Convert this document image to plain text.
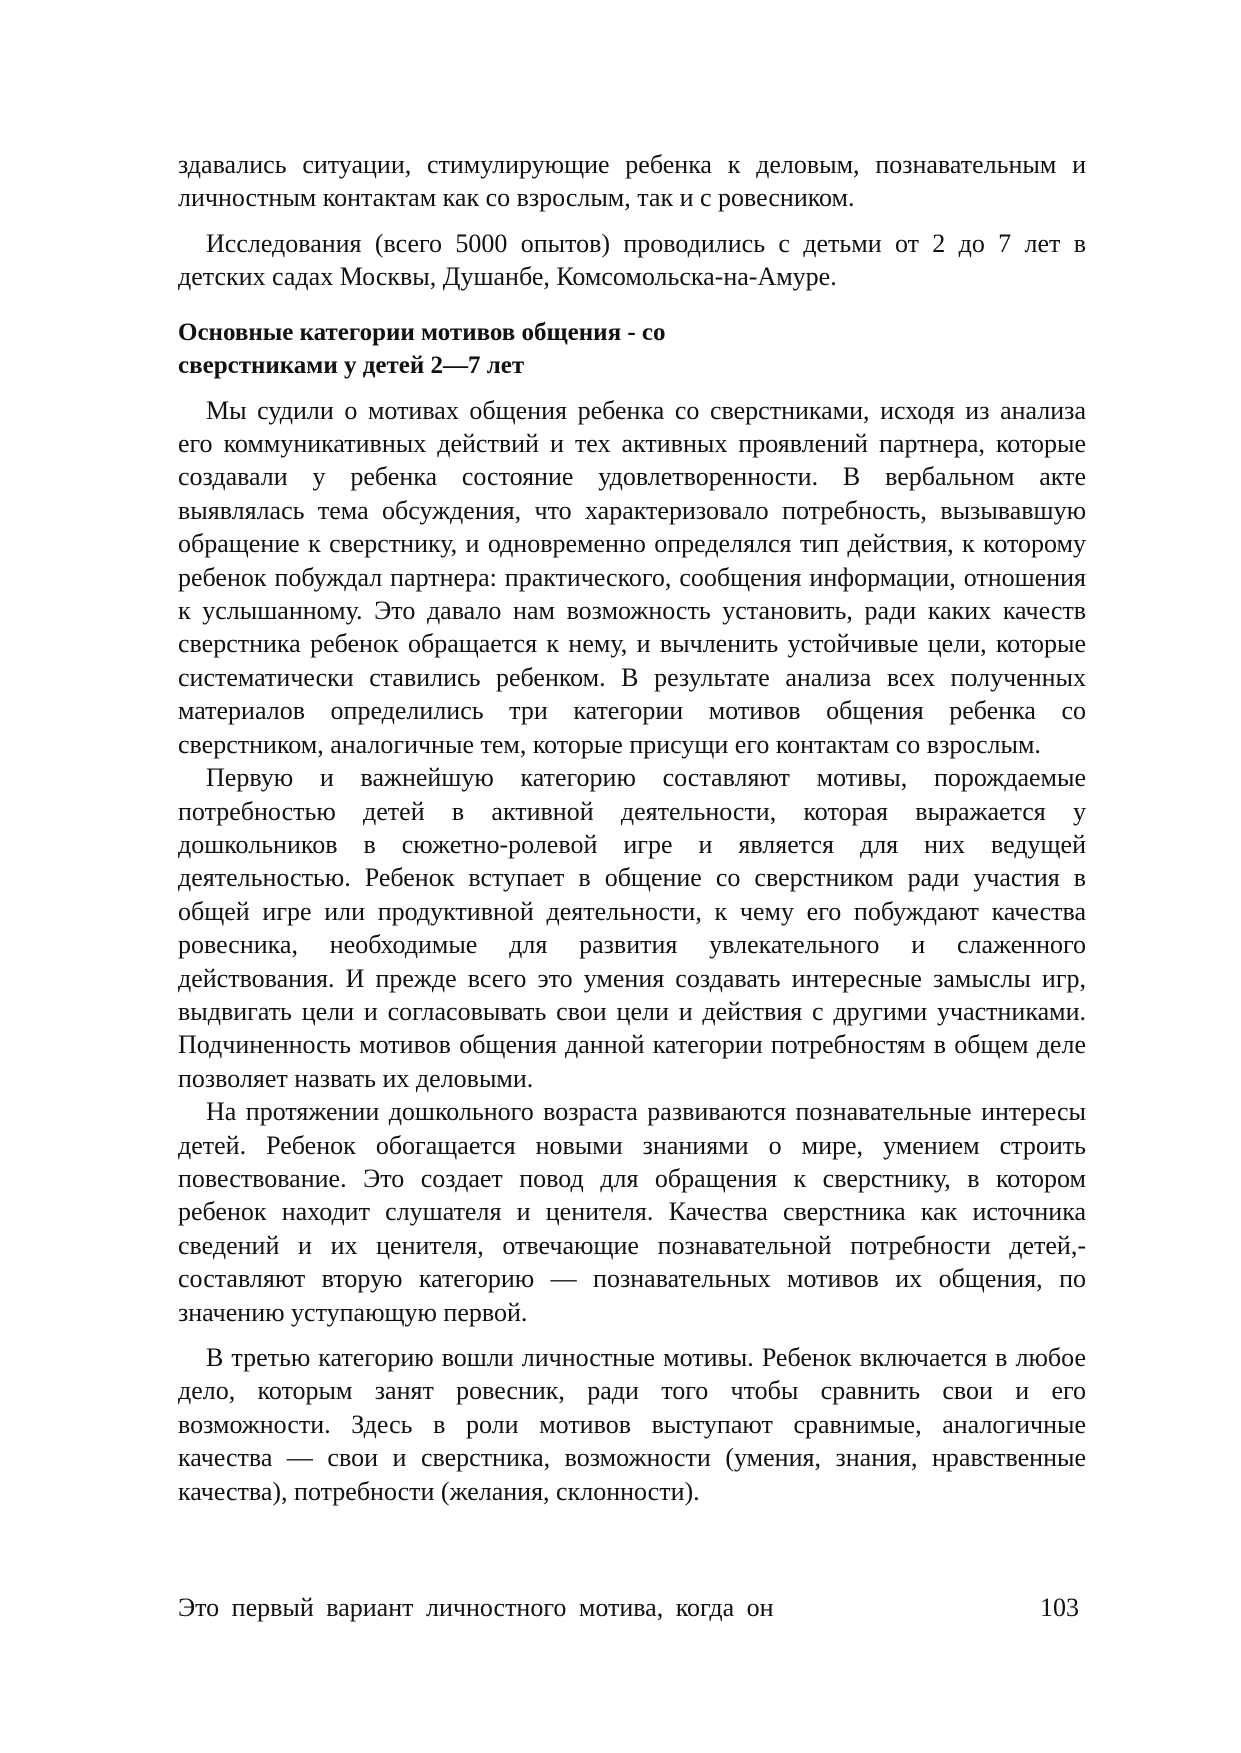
здавались ситуации, стимулирующие ребенка к деловым, познавательным и личностным контактам как со взрослым, так и с ровесником.

Исследования (всего 5000 опытов) проводились с детьми от 2 до 7 лет в детских садах Москвы, Душанбе, Комсомольска-на-Амуре.

Основные категории мотивов общения - со
сверстниками у детей 2—7 лет

Мы судили о мотивах общения ребенка со сверстниками, исходя из анализа его коммуникативных действий и тех активных проявлений партнера, которые создавали у ребенка состояние удовлетворенности. В вербальном акте выявлялась тема обсуждения, что характеризовало потребность, вызывавшую обращение к сверстнику, и одновременно определялся тип действия, к которому ребенок побуждал партнера: практического, сообщения информации, отношения к услышанному. Это давало нам возможность установить, ради каких качеств сверстника ребенок обращается к нему, и вычленить устойчивые цели, которые систематически ставились ребенком. В результате анализа всех полученных материалов определились три категории мотивов общения ребенка со сверстником, аналогичные тем, которые присущи его контактам со взрослым.

Первую и важнейшую категорию составляют мотивы, порождаемые потребностью детей в активной деятельности, которая выражается у дошкольников в сюжетно-ролевой игре и является для них ведущей деятельностью. Ребенок вступает в общение со сверстником ради участия в общей игре или продуктивной деятельности, к чему его побуждают качества ровесника, необходимые для развития увлекательного и слаженного действования. И прежде всего это умения создавать интересные замыслы игр, выдвигать цели и согласовывать свои цели и действия с другими участниками. Подчиненность мотивов общения данной категории потребностям в общем деле позволяет назвать их деловыми.

На протяжении дошкольного возраста развиваются познавательные интересы детей. Ребенок обогащается новыми знаниями о мире, умением строить повествование. Это создает повод для обращения к сверстнику, в котором ребенок находит слушателя и ценителя. Качества сверстника как источника сведений и их ценителя, отвечающие познавательной потребности детей,- составляют вторую категорию — познавательных мотивов их общения, по значению уступающую первой.

В третью категорию вошли личностные мотивы. Ребенок включается в любое дело, которым занят ровесник, ради того чтобы сравнить свои и его возможности. Здесь в роли мотивов выступают сравнимые, аналогичные качества — свои и сверстника, возможности (умения, знания, нравственные качества), потребности (желания, склонности).

Это первый вариант личностного мотива, когда он	103
